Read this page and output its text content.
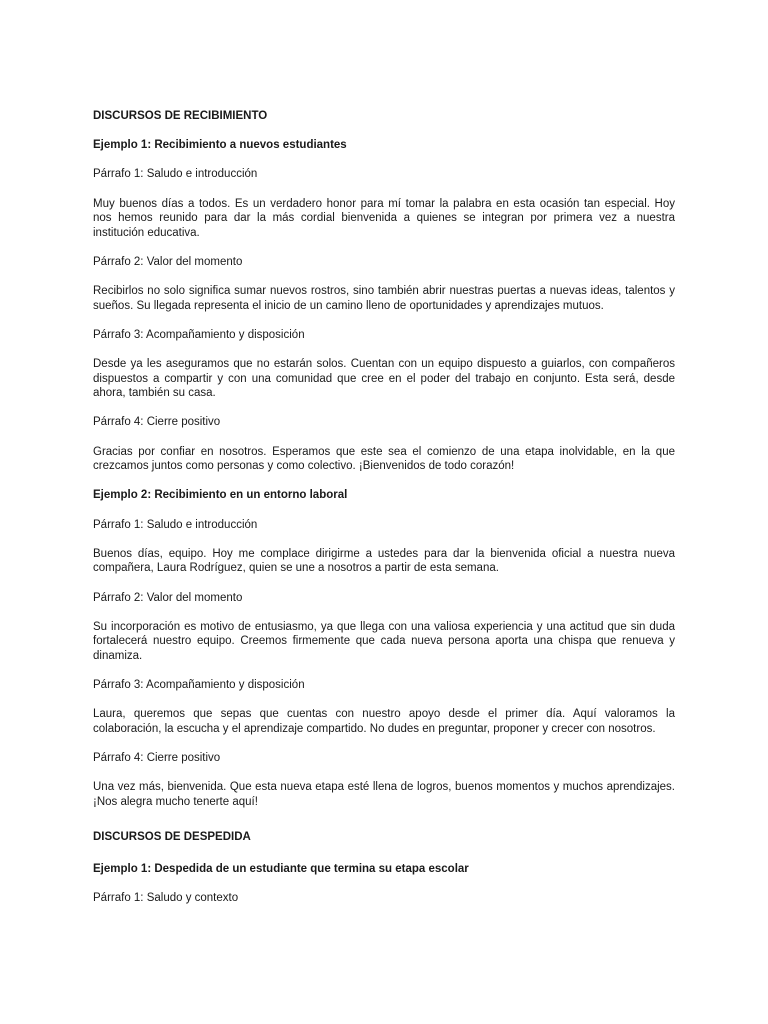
DISCURSOS DE RECIBIMIENTO
Ejemplo 1: Recibimiento a nuevos estudiantes
Párrafo 1: Saludo e introducción
Muy buenos días a todos. Es un verdadero honor para mí tomar la palabra en esta ocasión tan especial. Hoy
nos hemos reunido para dar la más cordial bienvenida a quienes se integran por primera vez a nuestra
institución educativa.
Párrafo 2: Valor del momento
Recibirlos no solo significa sumar nuevos rostros, sino también abrir nuestras puertas a nuevas ideas, talentos y
sueños. Su llegada representa el inicio de un camino lleno de oportunidades y aprendizajes mutuos.
Párrafo 3: Acompañamiento y disposición
Desde ya les aseguramos que no estarán solos. Cuentan con un equipo dispuesto a guiarlos, con compañeros
dispuestos a compartir y con una comunidad que cree en el poder del trabajo en conjunto. Esta será, desde
ahora, también su casa.
Párrafo 4: Cierre positivo
Gracias por confiar en nosotros. Esperamos que este sea el comienzo de una etapa inolvidable, en la que
crezcamos juntos como personas y como colectivo. ¡Bienvenidos de todo corazón!
Ejemplo 2: Recibimiento en un entorno laboral
Párrafo 1: Saludo e introducción
Buenos días, equipo. Hoy me complace dirigirme a ustedes para dar la bienvenida oficial a nuestra nueva
compañera, Laura Rodríguez, quien se une a nosotros a partir de esta semana.
Párrafo 2: Valor del momento
Su incorporación es motivo de entusiasmo, ya que llega con una valiosa experiencia y una actitud que sin duda
fortalecerá nuestro equipo. Creemos firmemente que cada nueva persona aporta una chispa que renueva y
dinamiza.
Párrafo 3: Acompañamiento y disposición
Laura, queremos que sepas que cuentas con nuestro apoyo desde el primer día. Aquí valoramos la
colaboración, la escucha y el aprendizaje compartido. No dudes en preguntar, proponer y crecer con nosotros.
Párrafo 4: Cierre positivo
Una vez más, bienvenida. Que esta nueva etapa esté llena de logros, buenos momentos y muchos aprendizajes.
¡Nos alegra mucho tenerte aquí!
DISCURSOS DE DESPEDIDA
Ejemplo 1: Despedida de un estudiante que termina su etapa escolar
Párrafo 1: Saludo y contexto
